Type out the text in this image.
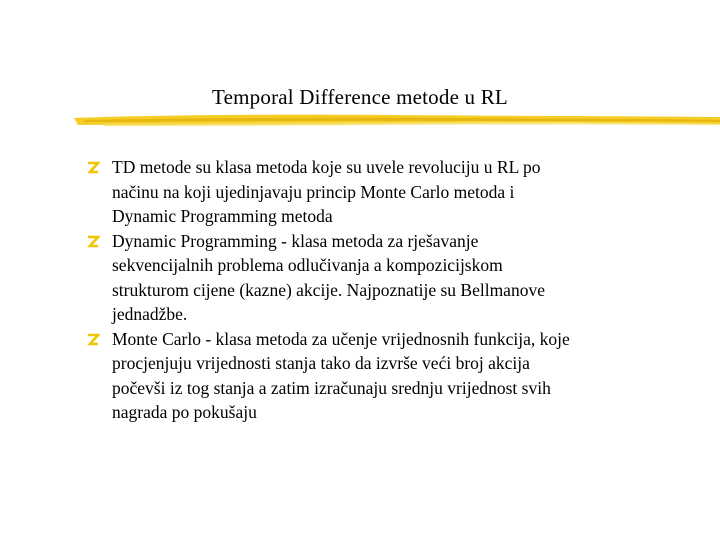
Temporal Difference metode u RL
TD metode su klasa metoda koje su uvele revoluciju u RL po
načinu na koji ujedinjavaju princip Monte Carlo metoda i
Dynamic Programming metoda
Dynamic Programming - klasa metoda za rješavanje
sekvencijalnih problema odlučivanja a kompozicijskom
strukturom cijene (kazne) akcije. Najpoznatije su Bellmanove
jednadžbe.
Monte Carlo - klasa metoda za učenje vrijednosnih funkcija, koje
procjenjuju vrijednosti stanja tako da izvrše veći broj akcija
počevši iz tog stanja a zatim izračunaju srednju vrijednost svih
nagrada po pokušaju
